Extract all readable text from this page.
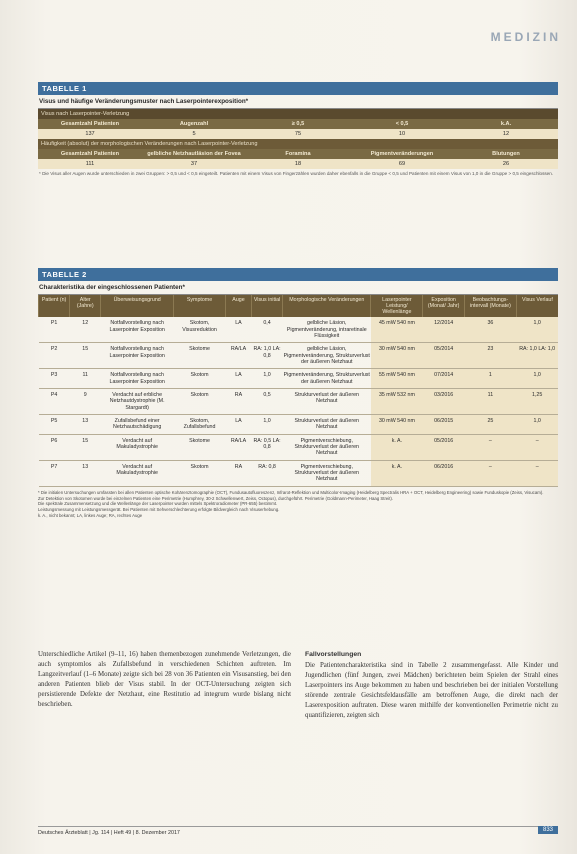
MEDIZIN
TABELLE 1
Visus und häufige Veränderungsmuster nach Laserpointerexposition*
Visus nach Laserpointer-Verletzung
Gesamtzahl Patienten	Augenzahl	≥ 0,5	< 0,5	k.A.
137	5	75	10	12
Häufigkeit (absolut) der morphologischen Veränderungen nach Laserpointer-Verletzung
Gesamtzahl Patienten	gelbliche Netzhautläsion der Fovea	Foramina	Pigmentveränderungen	Blutungen
111	37	18	69	26
* Die Visus aller Augen wurde unterschieden in zwei Gruppen: > 0,5 und < 0,5 eingeteilt. Patienten mit einem Visus von Fingerzählen wurden daher ebenfalls in die Gruppe < 0,5 und Patienten mit einem Visus von 1,0 in die Gruppe > 0,5 eingeschlossen.
TABELLE 2
Charakteristika der eingeschlossenen Patienten*
Patient (n)	Alter (Jahre)	Überweisungsgrund	Symptome	Auge	Visus initial	Morphologische Veränderungen	Laserpointer Leistung/ Wellenlänge	Exposition (Monat/ Jahr)	Beobachtungs-intervall (Monate)	Visus Verlauf
P1	12	Notfallvorstellung nach Laserpointer Exposition	Skotom, Visusreduktion	LA	0,4	gelbliche Läsion, Pigmentveränderung, intraretinale Flüssigkeit	45 mW 540 nm	12/2014	36	1,0
P2	15	Notfallvorstellung nach Laserpointer Exposition	Skotome	RA/LA	RA: 1,0 LA: 0,8	gelbliche Läsion, Pigmentveränderung, Strukturverlust der äußeren Netzhaut	30 mW 540 nm	05/2014	23	RA: 1,0 LA: 1,0
P3	11	Notfallvorstellung nach Laserpointer Exposition	Skotom	LA	1,0	Pigmentveränderung, Strukturverlust der äußeren Netzhaut	55 mW 540 nm	07/2014	1	1,0
P4	9	Verdacht auf erbliche Netzhautdystrophie (M. Stargardt)	Skotom	RA	0,5	Strukturverlust der äußeren Netzhaut	35 mW 532 nm	03/2016	11	1,25
P5	13	Zufallsbefund einer Netzhautschädigung	Skotom, Zufallsbefund	LA	1,0	Strukturverlust der äußeren Netzhaut	30 mW 540 nm	06/2015	25	1,0
P6	15	Verdacht auf Makuladystrophie	Skotome	RA/LA	RA: 0,5 LA: 0,8	Pigmentverschiebung, Strukturverlust der äußeren Netzhaut	k. A.	05/2016	–	–
P7	13	Verdacht auf Makuladystrophie	Skotom	RA	RA: 0,8	Pigmentverschiebung, Strukturverlust der äußeren Netzhaut	k. A.	06/2016	–	–
* Die initialen Untersuchungen umfassten bei allen Patienten optische Kohärenztomographie (OCT), Fundusautofluoreszenz, Infrarot-Reflektion und Multicolor-Imaging (Heidelberg Spectralis HRA + OCT, Heidelberg Engineering) sowie Funduskopie (Zeiss, Visucam).
Zur Detektion von Skotomen wurde bei einzelnen Patienten eine Perimetrie (Humphrey, 30-2 Schwellenwert, Zeiss, Octopus), durchgeführt. Perimetrie (Goldmann-Perimeter, Haag Streit).
Die spektrale Zusammensetzung und die Wellenlänge der Laserpointer wurden mittels Spektroradiometer (PR-655) bestimmt.
Leistungsmessung mit Leistungsmessgerät. Bei Patienten mit Sehverschlechterung erfolgte Bildvergleich nach Visuserhebung.
k. A., nicht bekannt; LA, linkes Auge; RA, rechtes Auge

Unterschiedliche Artikel (9–11, 16) haben themenbezogen zunehmende Verletzungen, die auch symptomlos als Zufallsbefund in verschiedenen Schichten auftreten. Im Langzeitverlauf (1–6 Monate) zeigte sich bei 28 von 36 Patienten ein Visusanstieg, bei den anderen Patienten blieb der Visus stabil. In der OCT-Untersuchung zeigten sich persistierende Defekte der Netzhaut, eine Restitutio ad integrum wurde bislang nicht beschrieben.

Fallvorstellungen

Die Patientencharakteristika sind in Tabelle 2 zusammengefasst. Alle Kinder und Jugendlichen (fünf Jungen, zwei Mädchen) berichteten beim Spielen der Strahl eines Laserpointers ins Auge bekommen zu haben und beschrieben bei der initialen Vorstellung störende zentrale Gesichtsfeldausfälle am betroffenen Auge, die direkt nach der Laserexposition auftraten. Diese waren mithilfe der konventionellen Perimetrie nicht zu quantifizieren, zeigten sich

Deutsches Ärzteblatt | Jg. 114 | Heft 49 | 8. Dezember 2017	833
